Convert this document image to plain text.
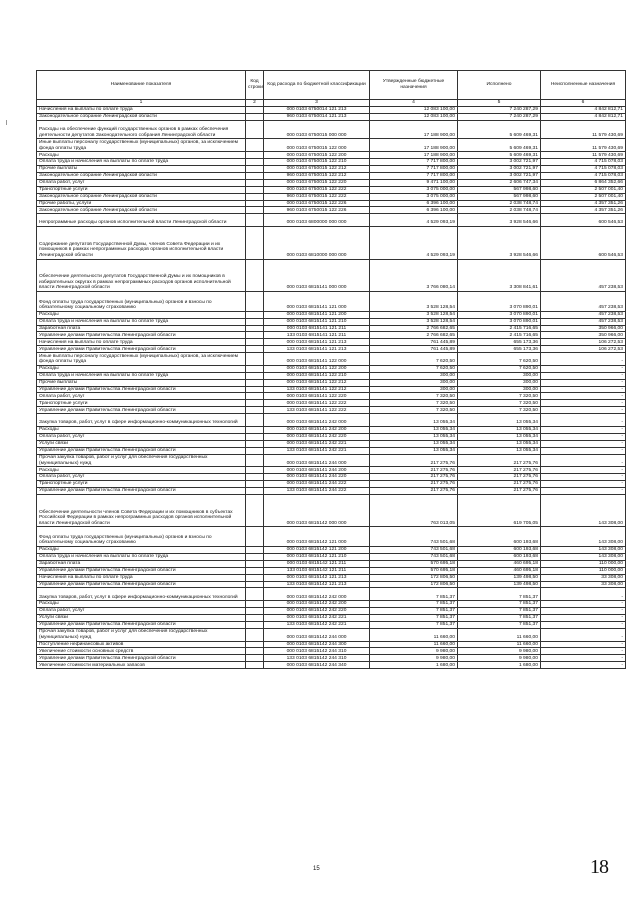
Наименование показателя	Код строки	Код расхода по бюджетной классификации	Утвержденные бюджетные назначения	Исполнено	Неисполненные назначения
1	2	3	4	5	6
Начисления на выплаты по оплате труда		000 0103 6750014 121 213	12 083 100,00	7 240 287,29	4 842 812,71
Законодательное собрание Ленинградской области		960 0103 6750014 121 213	12 083 100,00	7 240 287,29	4 842 812,71
Расходы на обеспечение функций государственных органов в рамках обеспечения деятельности депутатов Законодательного собрания Ленинградской области		000 0103 6750015 000 000	17 188 900,00	5 609 469,31	11 579 430,69
Иные выплаты персоналу государственных (муниципальных) органов, за исключением фонда оплаты труда		000 0103 6750015 122 000	17 188 900,00	5 609 469,31	11 579 430,69
Расходы		000 0103 6750015 122 200	17 188 900,00	5 609 469,31	11 579 430,69
Оплата труда и начисления на выплаты по оплате труда		000 0103 6750015 122 210	7 717 800,00	3 002 721,97	4 715 078,03
Прочие выплаты		000 0103 6750015 122 212	7 717 800,00	3 002 721,97	4 715 078,03
Законодательное собрание Ленинградской области		960 0103 6750015 122 212	7 717 800,00	3 002 721,97	4 715 078,03
Оплата работ, услуг		000 0103 6750015 122 220	9 471 100,00	2 606 747,34	6 864 352,66
Транспортные услуги		000 0103 6750015 122 222	3 075 000,00	567 998,60	2 507 001,40
Законодательное собрание Ленинградской области		960 0103 6750015 122 222	3 075 000,00	567 998,60	2 507 001,40
Прочие работы, услуги		000 0103 6750015 122 226	6 396 100,00	2 038 748,74	4 357 351,26
Законодательное собрание Ленинградской области		960 0103 6750015 122 226	6 396 100,00	2 038 748,74	4 357 351,26
Непрограммные расходы органов исполнительной власти Ленинградской области		000 0103 6800000 000 000	4 529 093,19	3 928 546,66	600 546,53
Содержание депутатов Государственной Думы, членов Совета Федерации и их помощников в рамках непрограммных расходов органов исполнительной власти Ленинградской области		000 0103 6810000 000 000	4 529 093,19	3 928 546,66	600 546,53
Обеспечение деятельности депутатов Государственной Думы и их помощников в избирательных округах в рамках непрограммных расходов органов исполнительной власти Ленинградской области		000 0103 6815141 000 000	3 766 080,14	3 308 841,61	457 238,53
Фонд оплаты труда государственных (муниципальных) органов и взносы по обязательному социальному страхованию		000 0103 6815141 121 000	3 528 128,54	3 070 890,01	457 238,53
Расходы		000 0103 6815141 121 200	3 528 128,54	3 070 890,01	457 238,53
Оплата труда и начисления на выплаты по оплате труда		000 0103 6815141 121 210	3 528 128,54	3 070 890,01	457 238,53
Заработная плата		000 0103 6815141 121 211	2 766 682,65	2 415 716,65	350 966,00
Управление делами Правительства Ленинградской области		133 0103 6815141 121 211	2 766 682,65	2 415 716,65	350 966,00
Начисления на выплаты по оплате труда		000 0103 6815141 121 213	761 445,89	655 173,36	106 272,53
Управление делами Правительства Ленинградской области		133 0103 6815141 121 213	761 445,89	655 173,36	106 272,53
Иные выплаты персоналу государственных (муниципальных) органов, за исключением фонда оплаты труда		000 0103 6815141 122 000	7 620,50	7 620,50	-
Расходы		000 0103 6815141 122 200	7 620,50	7 620,50	-
Оплата труда и начисления на выплаты по оплате труда		000 0103 6815141 122 210	300,00	300,00	-
Прочие выплаты		000 0103 6815141 122 212	300,00	300,00	-
Управление делами Правительства Ленинградской области		133 0103 6815141 122 212	300,00	300,00	-
Оплата работ, услуг		000 0103 6815141 122 220	7 320,50	7 320,50	-
Транспортные услуги		000 0103 6815141 122 222	7 320,50	7 320,50	-
Управление делами Правительства Ленинградской области		133 0103 6815141 122 222	7 320,50	7 320,50	-
Закупка товаров, работ, услуг в сфере информационно-коммуникационных технологий		000 0103 6815141 242 000	13 055,34	13 055,34	-
Расходы		000 0103 6815141 242 200	13 055,34	13 055,34	-
Оплата работ, услуг		000 0103 6815141 242 220	13 055,34	13 055,34	-
Услуги связи		000 0103 6815141 242 221	13 055,34	13 055,34	-
Управление делами Правительства Ленинградской области		133 0103 6815141 242 221	13 055,34	13 055,34	-
Прочая закупка товаров, работ и услуг для обеспечения государственных (муниципальных) нужд		000 0103 6815141 244 000	217 275,76	217 275,76	-
Расходы		000 0103 6815141 244 200	217 275,76	217 275,76	-
Оплата работ, услуг		000 0103 6815141 244 220	217 275,76	217 275,76	-
Транспортные услуги		000 0103 6815141 244 222	217 275,76	217 275,76	-
Управление делами Правительства Ленинградской области		133 0103 6815141 244 222	217 275,76	217 275,76	-
Обеспечение деятельности членов Совета Федерации и их помощников в субъектах Российской Федерации в рамках непрограммных расходов органов исполнительной власти Ленинградской области		000 0103 6815142 000 000	763 013,05	619 705,05	143 308,00
Фонд оплаты труда государственных (муниципальных) органов и взносы по обязательному социальному страхованию		000 0103 6815142 121 000	743 501,68	600 193,68	143 308,00
Расходы		000 0103 6815142 121 200	743 501,68	600 193,68	143 308,00
Оплата труда и начисления на выплаты по оплате труда		000 0103 6815142 121 210	743 501,68	600 193,68	143 308,00
Заработная плата		000 0103 6815142 121 211	570 695,18	460 695,18	110 000,00
Управление делами Правительства Ленинградской области		133 0103 6815142 121 211	570 695,18	460 695,18	110 000,00
Начисления на выплаты по оплате труда		000 0103 6815142 121 213	172 806,50	139 498,50	33 308,00
Управление делами Правительства Ленинградской области		133 0103 6815142 121 213	172 806,50	139 498,50	33 308,00
Закупка товаров, работ, услуг в сфере информационно-коммуникационных технологий		000 0103 6815142 242 000	7 851,37	7 851,37	-
Расходы		000 0103 6815142 242 200	7 851,37	7 851,37	-
Оплата работ, услуг		000 0103 6815142 242 220	7 851,37	7 851,37	-
Услуги связи		000 0103 6815142 242 221	7 851,37	7 851,37	-
Управление делами Правительства Ленинградской области		133 0103 6815142 242 221	7 851,37	7 851,37	-
Прочая закупка товаров, работ и услуг для обеспечения государственных (муниципальных) нужд		000 0103 6815142 244 000	11 660,00	11 660,00	-
Поступление нефинансовых активов		000 0103 6815142 244 300	11 660,00	11 660,00	-
Увеличение стоимости основных средств		000 0103 6815142 244 310	9 980,00	9 980,00	-
Управление делами Правительства Ленинградской области		133 0103 6815142 244 310	9 980,00	9 980,00	-
Увеличение стоимости материальных запасов		000 0103 6815142 244 340	1 680,00	1 680,00	-
15	18
